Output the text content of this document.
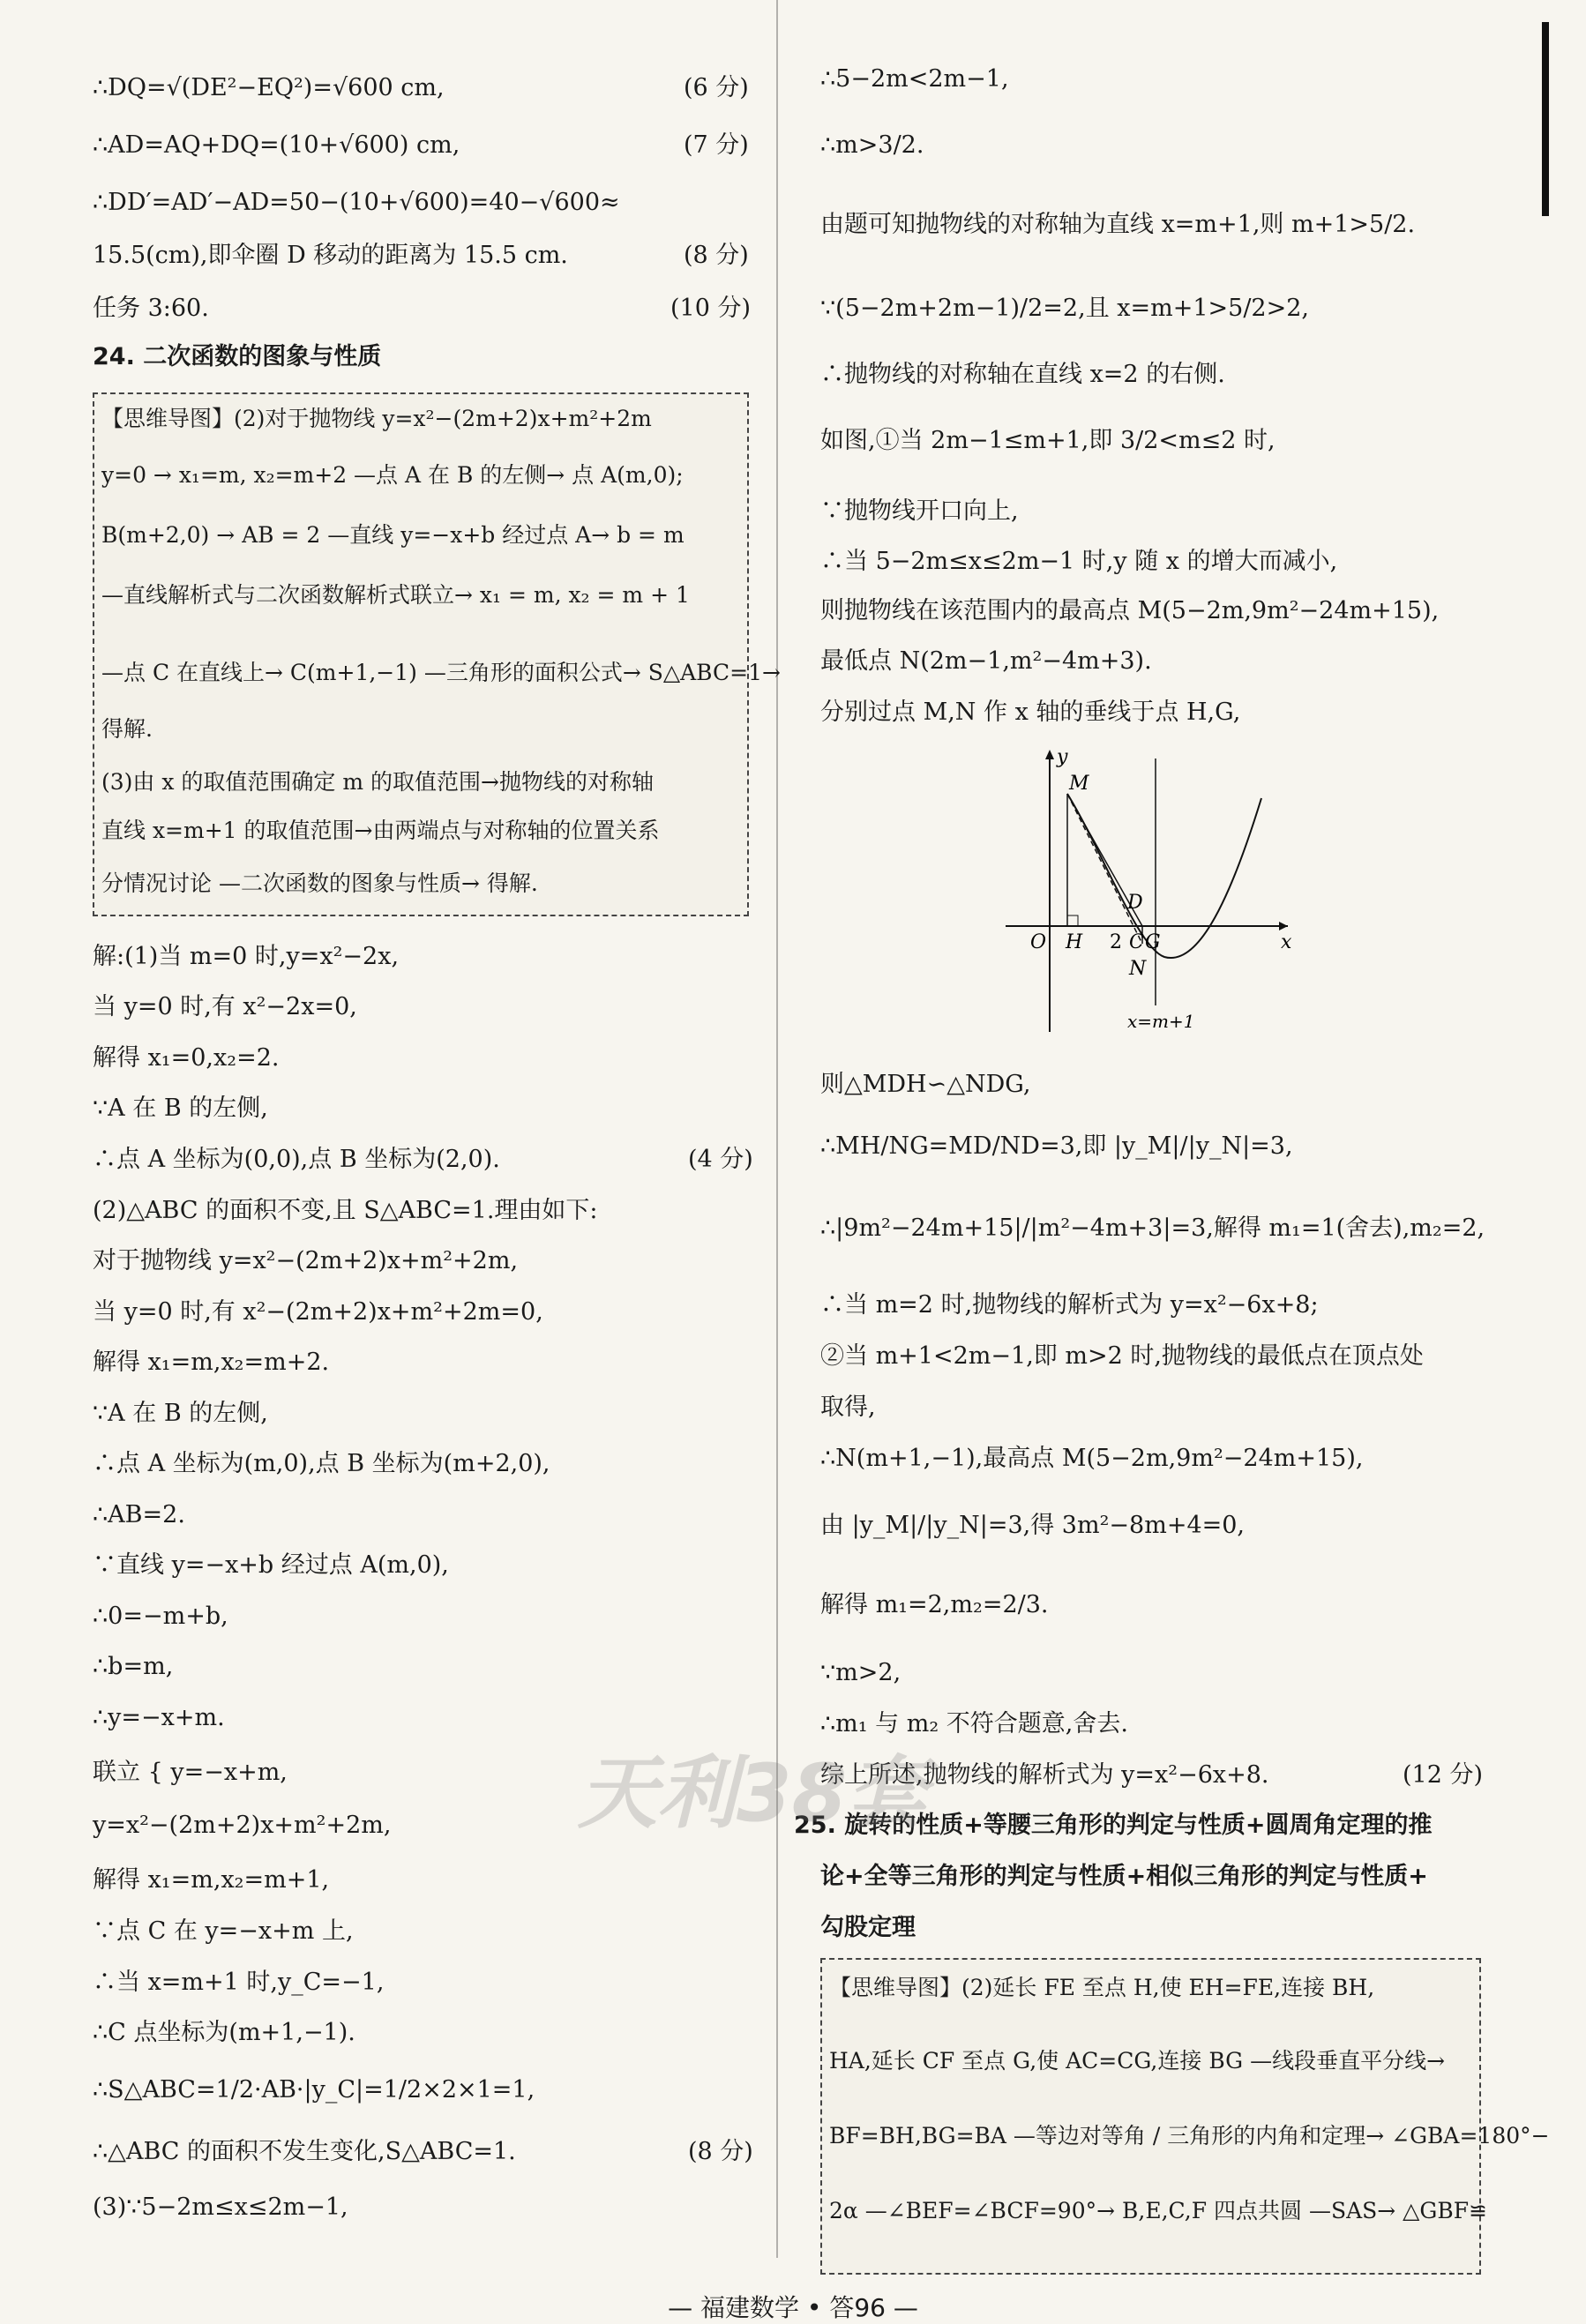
∴DQ=√(DE²−EQ²)=√600 cm,	(6 分)
∴AD=AQ+DQ=(10+√600) cm,	(7 分)
∴DD′=AD′−AD=50−(10+√600)=40−√600≈
15.5(cm),即伞圈 D 移动的距离为 15.5 cm.	(8 分)
任务 3:60.	(10 分)
24. 二次函数的图象与性质
【思维导图】(2)对于抛物线 y=x²−(2m+2)x+m²+2m
y=0 → x₁=m, x₂=m+2 —点 A 在 B 的左侧→ 点 A(m,0);
B(m+2,0) → AB = 2 —直线 y=−x+b 经过点 A→ b = m
—直线解析式与二次函数解析式联立→ x₁ = m, x₂ = m + 1
—点 C 在直线上→ C(m+1,−1) —三角形的面积公式→ S△ABC=1→
得解.
(3)由 x 的取值范围确定 m 的取值范围→抛物线的对称轴
直线 x=m+1 的取值范围→由两端点与对称轴的位置关系
分情况讨论 —二次函数的图象与性质→ 得解.
解:(1)当 m=0 时,y=x²−2x,
当 y=0 时,有 x²−2x=0,
解得 x₁=0,x₂=2.
∵A 在 B 的左侧,
∴点 A 坐标为(0,0),点 B 坐标为(2,0).	(4 分)
(2)△ABC 的面积不变,且 S△ABC=1.理由如下:
对于抛物线 y=x²−(2m+2)x+m²+2m,
当 y=0 时,有 x²−(2m+2)x+m²+2m=0,
解得 x₁=m,x₂=m+2.
∵A 在 B 的左侧,
∴点 A 坐标为(m,0),点 B 坐标为(m+2,0),
∴AB=2.
∵直线 y=−x+b 经过点 A(m,0),
∴0=−m+b,
∴b=m,
∴y=−x+m.
联立 { y=−x+m,
y=x²−(2m+2)x+m²+2m,
解得 x₁=m,x₂=m+1,
∵点 C 在 y=−x+m 上,
∴当 x=m+1 时,y_C=−1,
∴C 点坐标为(m+1,−1).
∴S△ABC=1/2·AB·|y_C|=1/2×2×1=1,
∴△ABC 的面积不发生变化,S△ABC=1.	(8 分)
(3)∵5−2m≤x≤2m−1,
∴5−2m<2m−1,
∴m>3/2.
由题可知抛物线的对称轴为直线 x=m+1,则 m+1>5/2.
∵(5−2m+2m−1)/2=2,且 x=m+1>5/2>2,
∴抛物线的对称轴在直线 x=2 的右侧.
如图,①当 2m−1≤m+1,即 3/2<m≤2 时,
∵抛物线开口向上,
∴当 5−2m≤x≤2m−1 时,y 随 x 的增大而减小,
则抛物线在该范围内的最高点 M(5−2m,9m²−24m+15),
最低点 N(2m−1,m²−4m+3).
分别过点 M,N 作 x 轴的垂线于点 H,G,
y
M
D
O H 2 C G	x
N
x=m+1
则△MDH∽△NDG,
∴MH/NG=MD/ND=3,即 |y_M|/|y_N|=3,
∴|9m²−24m+15|/|m²−4m+3|=3,解得 m₁=1(舍去),m₂=2,
∴当 m=2 时,抛物线的解析式为 y=x²−6x+8;
②当 m+1<2m−1,即 m>2 时,抛物线的最低点在顶点处
取得,
∴N(m+1,−1),最高点 M(5−2m,9m²−24m+15),
由 |y_M|/|y_N|=3,得 3m²−8m+4=0,
解得 m₁=2,m₂=2/3.
∵m>2,
∴m₁ 与 m₂ 不符合题意,舍去.
综上所述,抛物线的解析式为 y=x²−6x+8.	(12 分)
25. 旋转的性质+等腰三角形的判定与性质+圆周角定理的推
论+全等三角形的判定与性质+相似三角形的判定与性质+
勾股定理
【思维导图】(2)延长 FE 至点 H,使 EH=FE,连接 BH,
HA,延长 CF 至点 G,使 AC=CG,连接 BG —线段垂直平分线→
BF=BH,BG=BA —等边对等角 / 三角形的内角和定理→ ∠GBA=180°−
2α —∠BEF=∠BCF=90°→ B,E,C,F 四点共圆 —SAS→ △GBF≌
天利38套
— 福建数学 • 答96 —
